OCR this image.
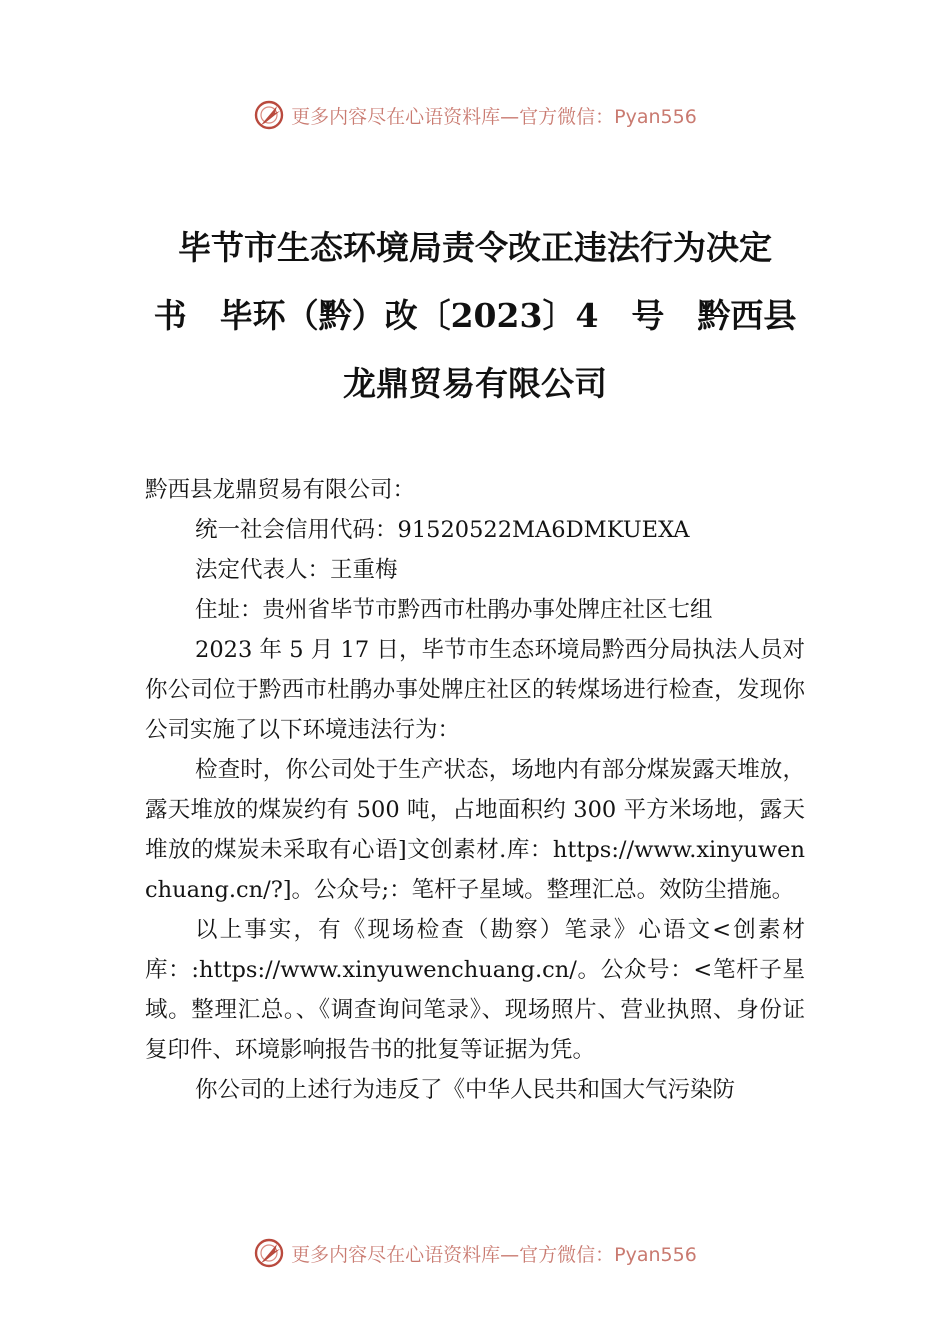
更多内容尽在心语资料库—官方微信：Pyan556
毕节市生态环境局责令改正违法行为决定
书　毕环（黔）改〔2023〕4　号　黔西县
龙鼎贸易有限公司

黔西县龙鼎贸易有限公司：

统一社会信用代码：91520522MA6DMKUEXA

法定代表人：王重梅

住址：贵州省毕节市黔西市杜鹃办事处牌庄社区七组

2023 年 5 月 17 日，毕节市生态环境局黔西分局执法人员对你公司位于黔西市杜鹃办事处牌庄社区的转煤场进行检查，发现你公司实施了以下环境违法行为：

检查时，你公司处于生产状态，场地内有部分煤炭露天堆放，露天堆放的煤炭约有 500 吨，占地面积约 300 平方米场地，露天堆放的煤炭未采取有心语]文创素材.库：https://www.xinyuwenchuang.cn/?]。公众号;：笔杆子星域。整理汇总。效防尘措施。

以上事实，有《现场检查（勘察）笔录》心语文<创素材库：:https://www.xinyuwenchuang.cn/。公众号：<笔杆子星域。整理汇总。、《调查询问笔录》、现场照片、营业执照、身份证复印件、环境影响报告书的批复等证据为凭。

你公司的上述行为违反了《中华人民共和国大气污染防

更多内容尽在心语资料库—官方微信：Pyan556
